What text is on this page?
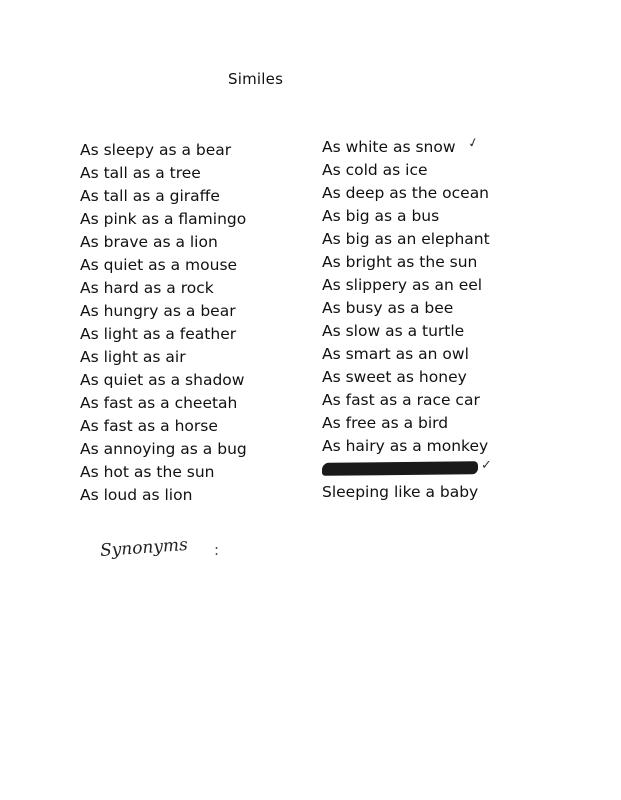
Similes
As sleepy as a bear
As tall as a tree
As tall as a giraffe
As pink as a flamingo
As brave as a lion
As quiet as a mouse
As hard as a rock
As hungry as a bear
As light as a feather
As light as air
As quiet as a shadow
As fast as a cheetah
As fast as a horse
As annoying as a bug
As hot as the sun
As loud as lion
As white as snow
As cold as ice
As deep as the ocean
As big as a bus
As big as an elephant
As bright as the sun
As slippery as an eel
As busy as a bee
As slow as a turtle
As smart as an owl
As sweet as honey
As fast as a race car
As free as a bird
As hairy as a monkey
Sleeping like a baby
✓
✓
Synonyms :
